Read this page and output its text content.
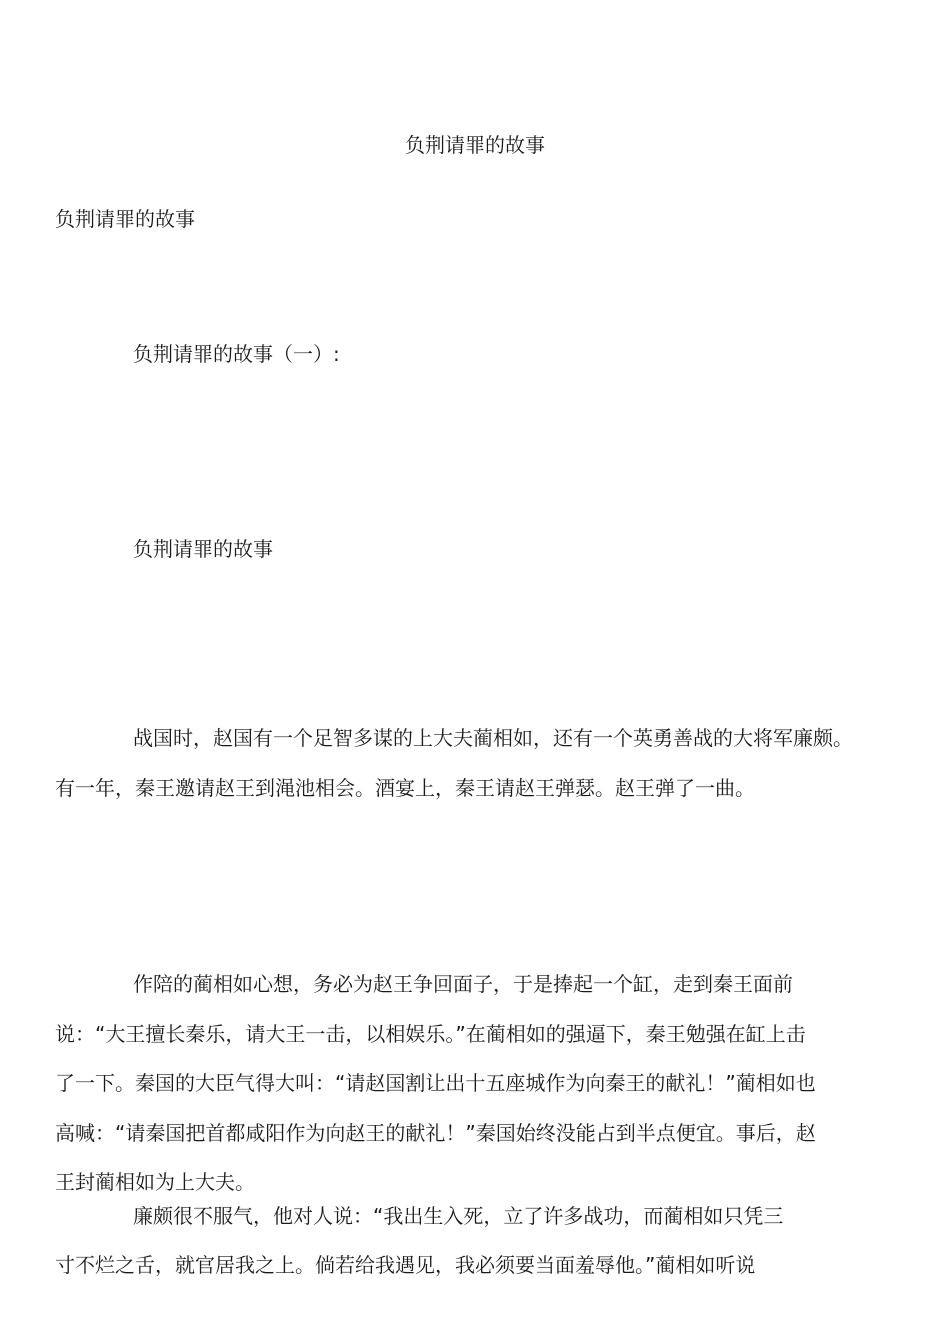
负荆请罪的故事
负荆请罪的故事
负荆请罪的故事（一）:
负荆请罪的故事
战国时，赵国有一个足智多谋的上大夫蔺相如，还有一个英勇善战的大将军廉颇。
有一年，秦王邀请赵王到渑池相会。酒宴上，秦王请赵王弹瑟。赵王弹了一曲。
作陪的蔺相如心想，务必为赵王争回面子，于是捧起一个缸，走到秦王面前
说：“大王擅长秦乐，请大王一击，以相娱乐。”在蔺相如的强逼下，秦王勉强在缸上击
了一下。秦国的大臣气得大叫：“请赵国割让出十五座城作为向秦王的献礼！”蔺相如也
高喊：“请秦国把首都咸阳作为向赵王的献礼！”秦国始终没能占到半点便宜。事后，赵
王封蔺相如为上大夫。
廉颇很不服气，他对人说：“我出生入死，立了许多战功，而蔺相如只凭三
寸不烂之舌，就官居我之上。倘若给我遇见，我必须要当面羞辱他。”蔺相如听说
